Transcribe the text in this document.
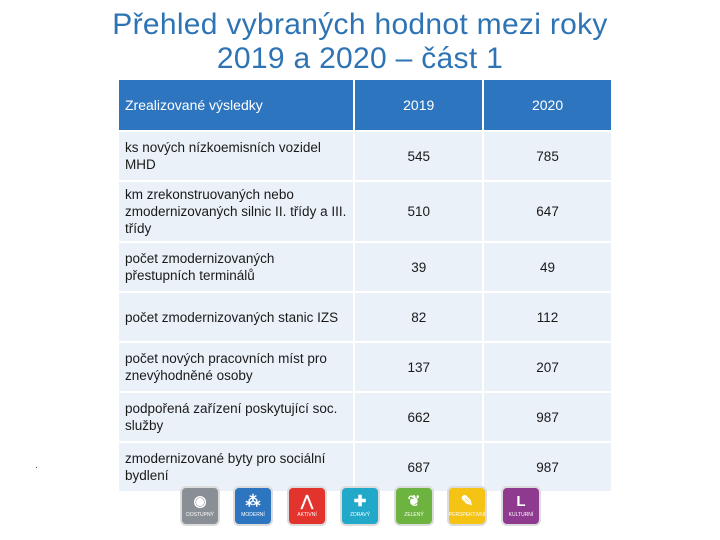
Přehled vybraných hodnot mezi roky
2019 a 2020 – část 1
Zrealizované výsledky	2019	2020
ks nových nízkoemisních vozidel MHD	545	785
km zrekonstruovaných nebo zmodernizovaných silnic II. třídy a III. třídy	510	647
počet zmodernizovaných přestupních terminálů	39	49
počet zmodernizovaných stanic IZS	82	112
počet nových pracovních míst pro znevýhodněné osoby	137	207
podpořená zařízení poskytující soc. služby	662	987
zmodernizované byty pro sociální bydlení	687	987
.
◉
DOSTUPNÝ
⁂
MODERNÍ
⋀
AKTIVNÍ
✚
ZDRAVÝ
❦
ZELENÝ
✎
PERSPEKTIVNÍ
L
KULTURNÍ
